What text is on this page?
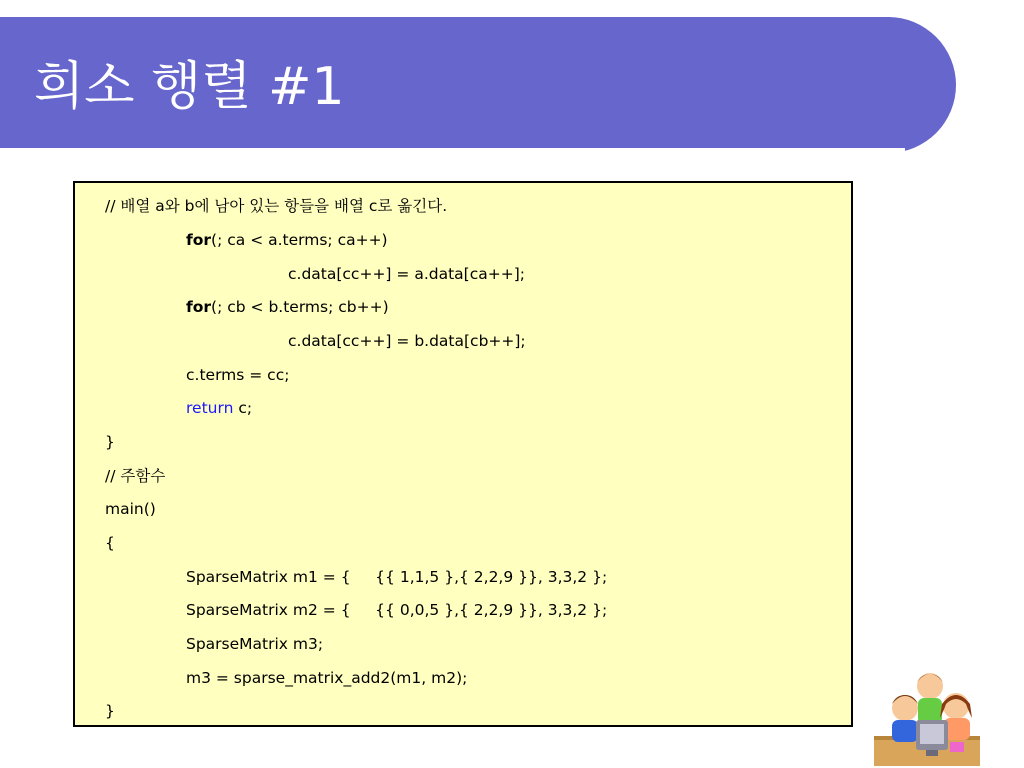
희소 행렬 #1
// 배열 a와 b에 남아 있는 항들을 배열 c로 옮긴다.
for(; ca < a.terms; ca++)
c.data[cc++] = a.data[ca++];
for(; cb < b.terms; cb++)
c.data[cc++] = b.data[cb++];
c.terms = cc;
return c;
}
// 주함수
main()
{
SparseMatrix m1 = {     {{ 1,1,5 },{ 2,2,9 }}, 3,3,2 };
SparseMatrix m2 = {     {{ 0,0,5 },{ 2,2,9 }}, 3,3,2 };
SparseMatrix m3;
m3 = sparse_matrix_add2(m1, m2);
}
